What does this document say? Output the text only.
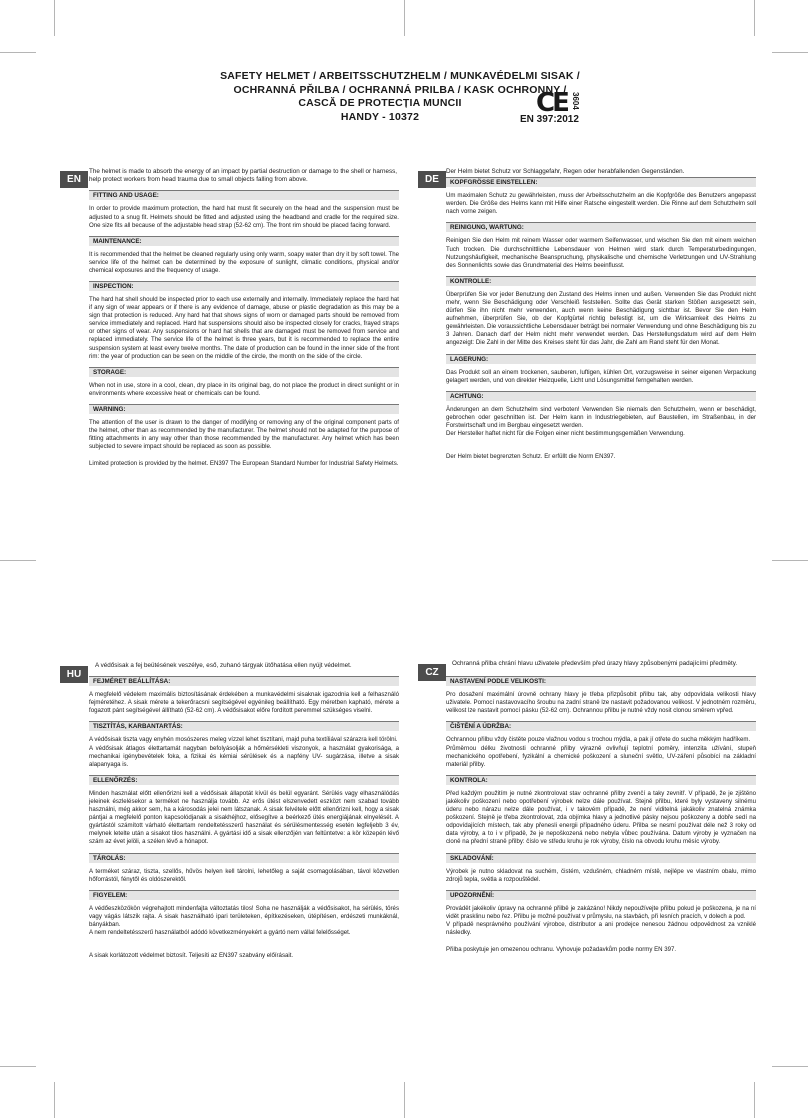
SAFETY HELMET / ARBEITSSCHUTZHELM / MUNKAVÉDELMI SISAK /

OCHRANNÁ PŘILBA / OCHRANNÁ PRILBA / KASK OCHRONNY /

CASCĂ DE PROTECȚIA MUNCII

HANDY - 10372	CE 3604
EN 397:2012
EN

The helmet is made to absorb the energy of an impact by partial destruction or damage to the shell or harness, help protect workers from head trauma due to small objects falling from above.

FITTING AND USAGE:

In order to provide maximum protection, the hard hat must fit securely on the head and the suspension must be adjusted to a snug fit. Helmets should be fitted and adjusted using the headband and cradle for the required size. One size fits all because of the adjustable head strap (52-62 cm). The front rim should be placed facing forward.

MAINTENANCE:

It is recommended that the helmet be cleaned regularly using only warm, soapy water than dry it by soft towel. The service life of the helmet can be determined by the exposure of sunlight, climatic conditions, physical and/or chemical exposures and the frequency of usage.

INSPECTION:

The hard hat shell should be inspected prior to each use externally and internally. Immediately replace the hard hat if any sign of wear appears or if there is any evidence of damage, abuse or plastic degradation as this may be a sign that protection is reduced. Any hard hat that shows signs of worn or damaged parts should be removed from service immediately and replaced. Hard hat suspensions should also be inspected closely for cracks, frayed straps or other signs of wear. Any suspensions or hard hat shells that are damaged must be removed from service and replaced immediately. The service life of the helmet is three years, but it is recommended to replace the entire suspension system at least every twelve months. The date of production can be found in the inner side of the front rim: the year of production can be seen on the middle of the circle, the month on the side of the circle.

STORAGE:

When not in use, store in a cool, clean, dry place in its original bag, do not place the product in direct sunlight or in environments where excessive heat or chemicals can be found.

WARNING:

The attention of the user is drawn to the danger of modifying or removing any of the original component parts of the helmet, other than as recommended by the manufacturer. The helmet should not be adapted for the purpose of fitting attachments in any way other than those recommended by the manufacturer. Any helmet which has been subjected to severe impact should be replaced as soon as possible.

Limited protection is provided by the helmet. EN397 The European Standard Number for Industrial Safety Helmets.

DE

Der Helm bietet Schutz vor Schlaggefahr, Regen oder herabfallenden Gegenständen.

KOPFGRÖSSE EINSTELLEN:

Um maximalen Schutz zu gewährleisten, muss der Arbeitsschutzhelm an die Kopfgröße des Benutzers angepasst werden. Die Größe des Helms kann mit Hilfe einer Ratsche eingestellt werden. Die Rinne auf dem Schutzhelm soll nach vorne zeigen.

REINIGUNG, WARTUNG:

Reinigen Sie den Helm mit reinem Wasser oder warmem Seifenwasser, und wischen Sie den mit einem weichen Tuch trocken. Die durchschnittliche Lebensdauer von Helmen wird stark durch Temperaturbedingungen, Nutzungshäufigkeit, mechanische Beanspruchung, physikalische und chemische Verletzungen und UV-Strahlung des Sonnenlichts sowie das Grundmaterial des Helms beeinflusst.

KONTROLLE:

Überprüfen Sie vor jeder Benutzung den Zustand des Helms innen und außen. Verwenden Sie das Produkt nicht mehr, wenn Sie Beschädigung oder Verschleiß feststellen. Sollte das Gerät starken Stößen ausgesetzt sein, dürfen Sie ihn nicht mehr verwenden, auch wenn keine Beschädigung sichtbar ist. Bevor Sie den Helm aufnehmen, überprüfen Sie, ob der Kopfgürtel richtig befestigt ist, um die Wirksamkeit des Helms zu gewährleisten. Die voraussichtliche Lebensdauer beträgt bei normaler Verwendung und ohne Beschädigung bis zu 3 Jahren. Danach darf der Helm nicht mehr verwendet werden. Das Herstellungsdatum wird auf dem Helm angezeigt: Die Zahl in der Mitte des Kreises steht für das Jahr, die Zahl am Rand steht für den Monat.

LAGERUNG:

Das Produkt soll an einem trockenen, sauberen, luftigen, kühlen Ort, vorzugsweise in seiner eigenen Verpackung gelagert werden, und von direkter Heizquelle, Licht und Lösungsmittel ferngehalten werden.

ACHTUNG:

Änderungen an dem Schutzhelm sind verboten! Verwenden Sie niemals den Schutzhelm, wenn er beschädigt, gebrochen oder geschnitten ist. Der Helm kann in Industriegebieten, auf Baustellen, im Straßenbau, in der Forstwirtschaft und im Bergbau eingesetzt werden.

Der Hersteller haftet nicht für die Folgen einer nicht bestimmungsgemäßen Verwendung.

Der Helm bietet begrenzten Schutz. Er erfüllt die Norm EN397.

HU

A védősisak a fej beütésének veszélye, eső, zuhanó tárgyak ütőhatása ellen nyújt védelmet.

FEJMÉRET BEÁLLÍTÁSA:

A megfelelő védelem maximális biztosításának érdekében a munkavédelmi sisaknak igazodnia kell a felhasználó fejméretéhez. A sisak mérete a tekerőracsni segítségével egyénileg beállítható. Egy méretben kapható, mérete a fogazott pánt segítségével állítható (52-62 cm). A védősisakot előre fordított peremmel szükséges viselni.

TISZTÍTÁS, KARBANTARTÁS:

A védősisak tiszta vagy enyhén mosószeres meleg vízzel lehet tisztítani, majd puha textíliával szárazra kell törölni.

A védősisak átlagos élettartamát nagyban befolyásolják a hőmérsékleti viszonyok, a használat gyakorisága, a mechanikai igénybevételek foka, a fizikai és kémiai sérülések és a napfény UV- sugárzása, illetve a sisak alapanyaga is.

ELLENŐRZÉS:

Minden használat előtt ellenőrizni kell a védősisak állapotát kívül és belül egyaránt. Sérülés vagy elhasználódás jeleinek észlelésekor a terméket ne használja tovább. Az erős ütést elszenvedett eszközt nem szabad tovább használni, még akkor sem, ha a károsodás jelei nem látszanak. A sisak felvétele előtt ellenőrizni kell, hogy a sisak pántjai a megfelelő ponton kapcsolódjanak a sisakhéjhoz, elősegítve a beérkező ütés energiájának elnyelését. A gyártástól számított várható élettartam rendeltetésszerű használat és sérülésmentesség esetén legfeljebb 3 év, melynek letelte után a sisakot tilos használni. A gyártási idő a sisak ellenzőjén van feltüntetve: a kör közepén lévő szám az évet jelöli, a szélen lévő a hónapot.

TÁROLÁS:

A terméket száraz, tiszta, szellős, hűvös helyen kell tárolni, lehetőleg a saját csomagolásában, távol közvetlen hőforrástól, fénytől és oldószerektől.

FIGYELEM:

A védőeszközökön végrehajtott mindenfajta változtatás tilos! Soha ne használják a védősisakot, ha sérülés, törés vagy vágás látszik rajta. A sisak használható ipari területeken, építkezéseken, útépítésen, erdészeti munkáknál, bányákban.

A nem rendeltetésszerű használatból adódó következményekért a gyártó nem vállal felelősséget.

A sisak korlátozott védelmet biztosít. Teljesíti az EN397 szabvány előírásait.

CZ

Ochranná přilba chrání hlavu uživatele především před úrazy hlavy způsobenými padajícími předměty.

NASTAVENÍ PODLE VELIKOSTI:

Pro dosažení maximální úrovně ochrany hlavy je třeba přizpůsobit přilbu tak, aby odpovídala velikosti hlavy uživatele. Pomocí nastavovacího šroubu na zadní straně lze nastavit požadovanou velikost. V jednotném rozměru, velikost lze nastavit pomocí pásku (52-62 cm). Ochrannou přilbu je nutné vždy nosit clonou směrem vpřed.

ČIŠTĚNÍ A ÚDRŽBA:

Ochrannou přilbu vždy čistěte pouze vlažnou vodou s trochou mýdla, a pak jí otřete do sucha měkkým hadříkem.

Průměrnou délku životnosti ochranné přilby výrazně ovlivňují teplotní poměry, intenzita užívání, stupeň mechanického opotřebení, fyzikální a chemické poškození a sluneční světlo, UV-záření působící na základní materiál přilby.

KONTROLA:

Před každým použitím je nutné zkontrolovat stav ochranné přilby zvenčí a taky zevnitř. V případě, že je zjištěno jakékoliv poškození nebo opotřebení výrobek nelze dále používat. Stejně přilbu, které byly vystaveny silnému úderu nebo nárazu nelze dále používat, i v takovém případě, že není viditelná jakákoliv znatelná známka poškození. Stejně je třeba zkontrolovat, zda objímka hlavy a jednotlivé pásky nejsou poškozeny a dobře sedí na odpovídajících místech, tak aby přenesli energii případného úderu. Přilba se nesmí používat déle než 3 roky od data výroby, a to i v případě, že je nepoškozená nebo nebyla vůbec používána. Datum výroby je vyznačen na cloně na přední straně přilby: číslo ve středu kruhu je rok výroby, číslo na obvodu kruhu měsíc výroby.

SKLADOVÁNÍ:

Výrobek je nutno skladovat na suchém, čistém, vzdušném, chladném místě, nejlépe ve vlastním obalu, mimo zdrojů tepla, světla a rozpouštědel.

UPOZORNĚNÍ:

Provádět jakékoliv úpravy na ochranné přilbě je zakázáno! Nikdy nepoužívejte přilbu pokud je poškozena, je na ní vidět prasklinu nebo řez. Přilbu je možné používat v průmyslu, na stavbách, při lesních pracích, v dolech a pod.

V případě nesprávného používání výrobce, distributor a ani prodejce nenesou žádnou odpovědnost za vzniklé následky.

Přilba poskytuje jen omezenou ochranu. Vyhovuje požadavkům podle normy EN 397.
